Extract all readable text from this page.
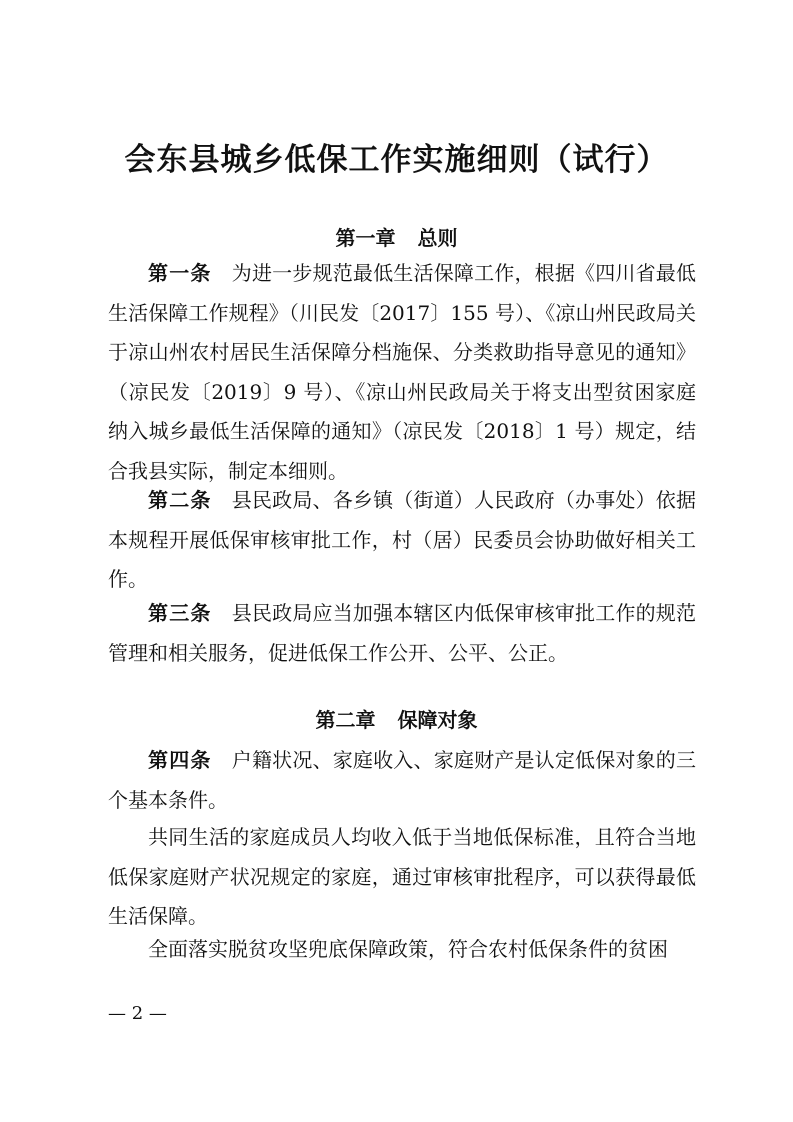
会东县城乡低保工作实施细则（试行）
第一章 总则

第一条 为进一步规范最低生活保障工作，根据《四川省最低生活保障工作规程》（川民发〔2017〕155 号）、《凉山州民政局关于凉山州农村居民生活保障分档施保、分类救助指导意见的通知》（凉民发〔2019〕9 号）、《凉山州民政局关于将支出型贫困家庭纳入城乡最低生活保障的通知》（凉民发〔2018〕1 号）规定，结合我县实际，制定本细则。

第二条 县民政局、各乡镇（街道）人民政府（办事处）依据本规程开展低保审核审批工作，村（居）民委员会协助做好相关工作。

第三条 县民政局应当加强本辖区内低保审核审批工作的规范管理和相关服务，促进低保工作公开、公平、公正。

第二章 保障对象

第四条 户籍状况、家庭收入、家庭财产是认定低保对象的三个基本条件。

共同生活的家庭成员人均收入低于当地低保标准，且符合当地低保家庭财产状况规定的家庭，通过审核审批程序，可以获得最低生活保障。

全面落实脱贫攻坚兜底保障政策，符合农村低保条件的贫困

— 2 —
